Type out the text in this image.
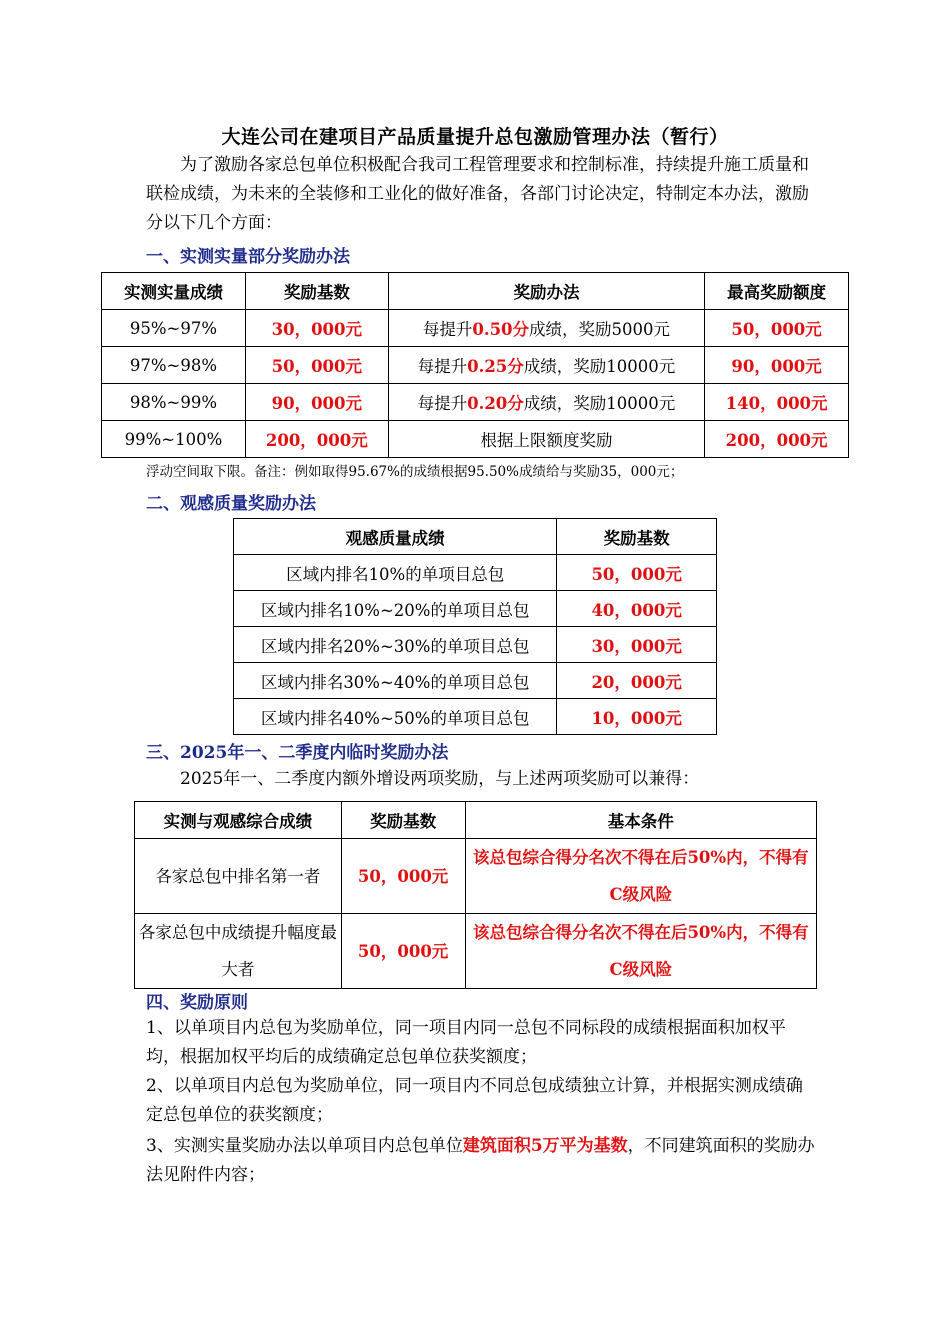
大连公司在建项目产品质量提升总包激励管理办法（暂行）
为了激励各家总包单位积极配合我司工程管理要求和控制标准，持续提升施工质量和联检成绩，为未来的全装修和工业化的做好准备，各部门讨论决定，特制定本办法，激励分以下几个方面：
一、实测实量部分奖励办法
实测实量成绩	奖励基数	奖励办法	最高奖励额度
95%~97%	30，000元	每提升0.50分成绩，奖励5000元	50，000元
97%~98%	50，000元	每提升0.25分成绩，奖励10000元	90，000元
98%~99%	90，000元	每提升0.20分成绩，奖励10000元	140，000元
99%~100%	200，000元	根据上限额度奖励	200，000元
浮动空间取下限。备注：例如取得95.67%的成绩根据95.50%成绩给与奖励35，000元；
二、观感质量奖励办法
观感质量成绩	奖励基数
区域内排名10%的单项目总包	50，000元
区域内排名10%~20%的单项目总包	40，000元
区域内排名20%~30%的单项目总包	30，000元
区域内排名30%~40%的单项目总包	20，000元
区域内排名40%~50%的单项目总包	10，000元
三、2025年一、二季度内临时奖励办法
2025年一、二季度内额外增设两项奖励，与上述两项奖励可以兼得：
实测与观感综合成绩	奖励基数	基本条件
各家总包中排名第一者	50，000元	该总包综合得分名次不得在后50%内，不得有C级风险
各家总包中成绩提升幅度最大者	50，000元	该总包综合得分名次不得在后50%内，不得有C级风险
四、奖励原则
1、以单项目内总包为奖励单位，同一项目内同一总包不同标段的成绩根据面积加权平均，根据加权平均后的成绩确定总包单位获奖额度；
2、以单项目内总包为奖励单位，同一项目内不同总包成绩独立计算，并根据实测成绩确定总包单位的获奖额度；
3、实测实量奖励办法以单项目内总包单位建筑面积5万平为基数，不同建筑面积的奖励办法见附件内容；
